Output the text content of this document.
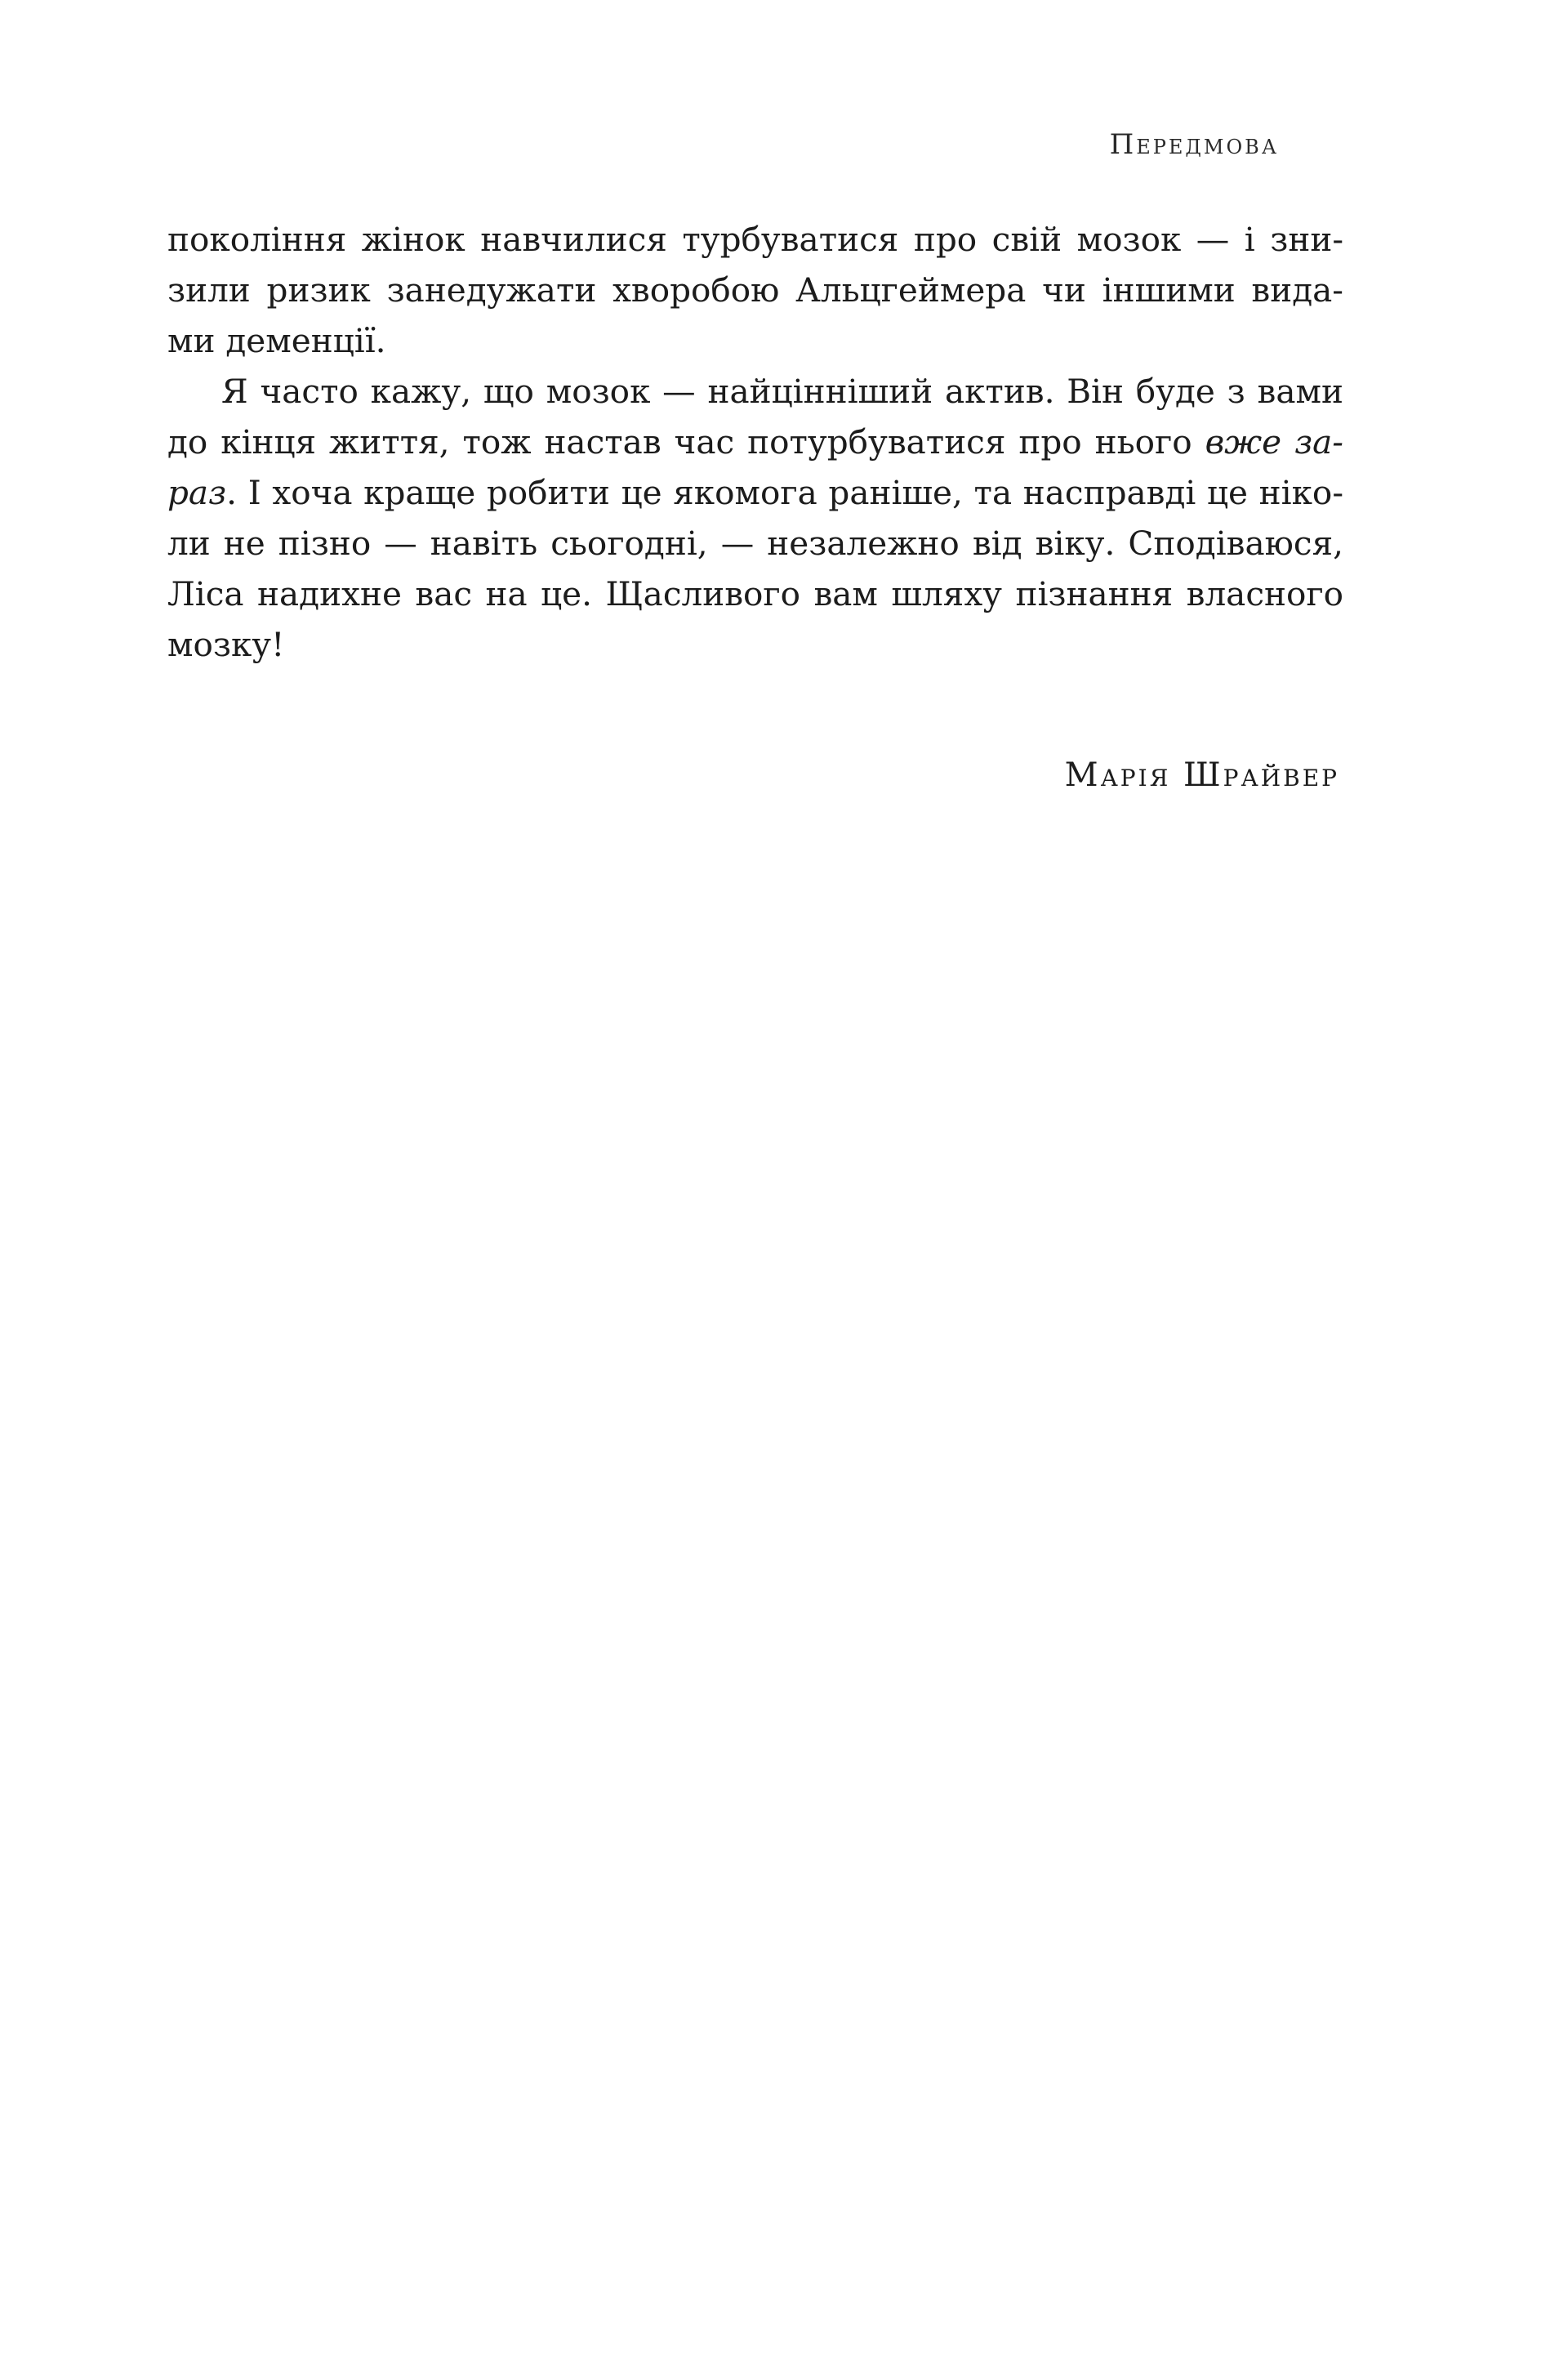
Передмова
покоління жінок навчилися турбуватися про свій мозок — і зни-
зили ризик занедужати хворобою Альцгеймера чи іншими вида-
ми деменції.
Я часто кажу, що мозок — найцінніший актив. Він буде з вами
до кінця життя, тож настав час потурбуватися про нього вже за-
раз. І хоча краще робити це якомога раніше, та насправді це ніко-
ли не пізно — навіть сьогодні, — незалежно від віку. Сподіваюся,
Ліса надихне вас на це. Щасливого вам шляху пізнання власного
мозку!
Марія Шрайвер
